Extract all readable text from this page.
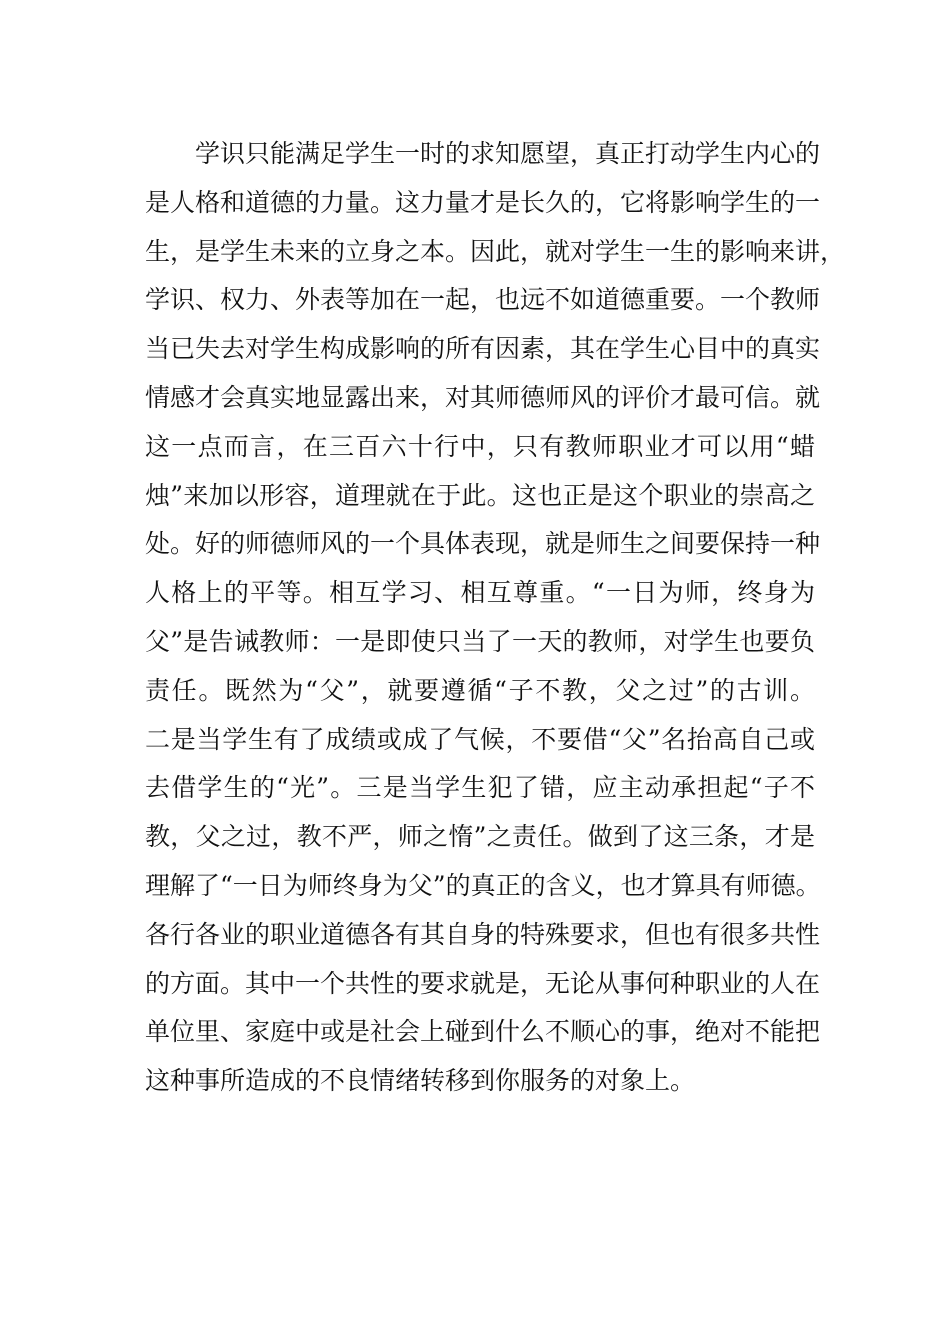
学识只能满足学生一时的求知愿望，真正打动学生内心的
是人格和道德的力量。这力量才是长久的，它将影响学生的一
生，是学生未来的立身之本。因此，就对学生一生的影响来讲，
学识、权力、外表等加在一起，也远不如道德重要。一个教师
当已失去对学生构成影响的所有因素，其在学生心目中的真实
情感才会真实地显露出来，对其师德师风的评价才最可信。就
这一点而言，在三百六十行中，只有教师职业才可以用“蜡
烛”来加以形容，道理就在于此。这也正是这个职业的崇高之
处。好的师德师风的一个具体表现，就是师生之间要保持一种
人格上的平等。相互学习、相互尊重。“一日为师，终身为
父”是告诫教师：一是即使只当了一天的教师，对学生也要负
责任。既然为“父”，就要遵循“子不教，父之过”的古训。
二是当学生有了成绩或成了气候，不要借“父”名抬高自己或
去借学生的“光”。三是当学生犯了错，应主动承担起“子不
教，父之过，教不严，师之惰”之责任。做到了这三条，才是
理解了“一日为师终身为父”的真正的含义，也才算具有师德。
各行各业的职业道德各有其自身的特殊要求，但也有很多共性
的方面。其中一个共性的要求就是，无论从事何种职业的人在
单位里、家庭中或是社会上碰到什么不顺心的事，绝对不能把
这种事所造成的不良情绪转移到你服务的对象上。
